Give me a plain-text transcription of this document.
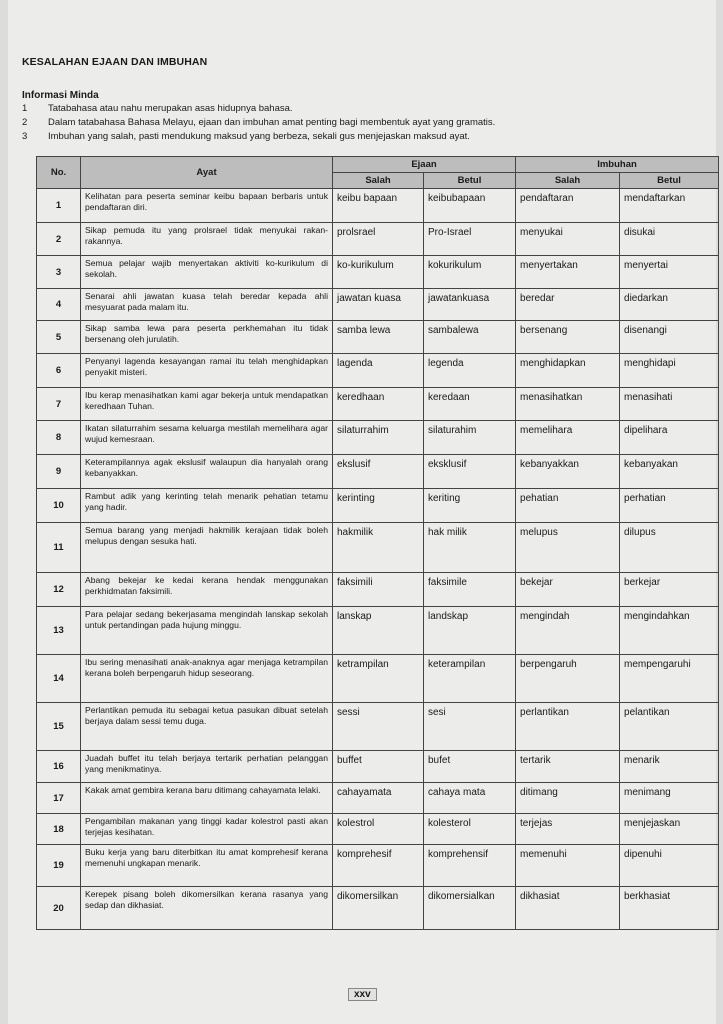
KESALAHAN EJAAN DAN IMBUHAN
Informasi Minda
1	Tatabahasa atau nahu merupakan asas hidupnya bahasa.
2	Dalam tatabahasa Bahasa Melayu, ejaan dan imbuhan amat penting bagi membentuk ayat yang gramatis.
3	Imbuhan yang salah, pasti mendukung maksud yang berbeza, sekali gus menjejaskan maksud ayat.
No.	Ayat	Ejaan		Imbuhan	
		Salah	Betul	Salah	Betul
1	Kelihatan para peserta seminar keibu bapaan berbaris untuk pendaftaran diri.	keibu bapaan	keibubapaan	pendaftaran	mendaftarkan
2	Sikap pemuda itu yang prolsrael tidak menyukai rakan-rakannya.	prolsrael	Pro-Israel	menyukai	disukai
3	Semua pelajar wajib menyertakan aktiviti ko-kurikulum di sekolah.	ko-kurikulum	kokurikulum	menyertakan	menyertai
4	Senarai ahli jawatan kuasa telah beredar kepada ahli mesyuarat pada malam itu.	jawatan kuasa	jawatankuasa	beredar	diedarkan
5	Sikap samba lewa para peserta perkhemahan itu tidak bersenang oleh jurulatih.	samba lewa	sambalewa	bersenang	disenangi
6	Penyanyi lagenda kesayangan ramai itu telah menghidapkan penyakit misteri.	lagenda	legenda	menghidapkan	menghidapi
7	Ibu kerap menasihatkan kami agar bekerja untuk mendapatkan keredhaan Tuhan.	keredhaan	keredaan	menasihatkan	menasihati
8	Ikatan silaturrahim sesama keluarga mestilah memelihara agar wujud kemesraan.	silaturrahim	silaturahim	memelihara	dipelihara
9	Keterampilannya agak ekslusif walaupun dia hanyalah orang kebanyakkan.	ekslusif	eksklusif	kebanyakkan	kebanyakan
10	Rambut adik yang kerinting telah menarik pehatian tetamu yang hadir.	kerinting	keriting	pehatian	perhatian
11	Semua barang yang menjadi hakmilik kerajaan tidak boleh melupus dengan sesuka hati.	hakmilik	hak milik	melupus	dilupus
12	Abang bekejar ke kedai kerana hendak menggunakan perkhidmatan faksimili.	faksimili	faksimile	bekejar	berkejar
13	Para pelajar sedang bekerjasama mengindah lanskap sekolah untuk pertandingan pada hujung minggu.	lanskap	landskap	mengindah	mengindahkan
14	Ibu sering menasihati anak-anaknya agar menjaga ketrampilan kerana boleh berpengaruh hidup seseorang.	ketrampilan	keterampilan	berpengaruh	mempengaruhi
15	Perlantikan pemuda itu sebagai ketua pasukan dibuat setelah berjaya dalam sessi temu duga.	sessi	sesi	perlantikan	pelantikan
16	Juadah buffet itu telah berjaya tertarik perhatian pelanggan yang menikmatinya.	buffet	bufet	tertarik	menarik
17	Kakak amat gembira kerana baru ditimang cahayamata lelaki.	cahayamata	cahaya mata	ditimang	menimang
18	Pengambilan makanan yang tinggi kadar kolestrol pasti akan terjejas kesihatan.	kolestrol	kolesterol	terjejas	menjejaskan
19	Buku kerja yang baru diterbitkan itu amat komprehesif kerana memenuhi ungkapan menarik.	komprehesif	komprehensif	memenuhi	dipenuhi
20	Kerepek pisang boleh dikomersilkan kerana rasanya yang sedap dan dikhasiat.	dikomersilkan	dikomersialkan	dikhasiat	berkhasiat
xxv
